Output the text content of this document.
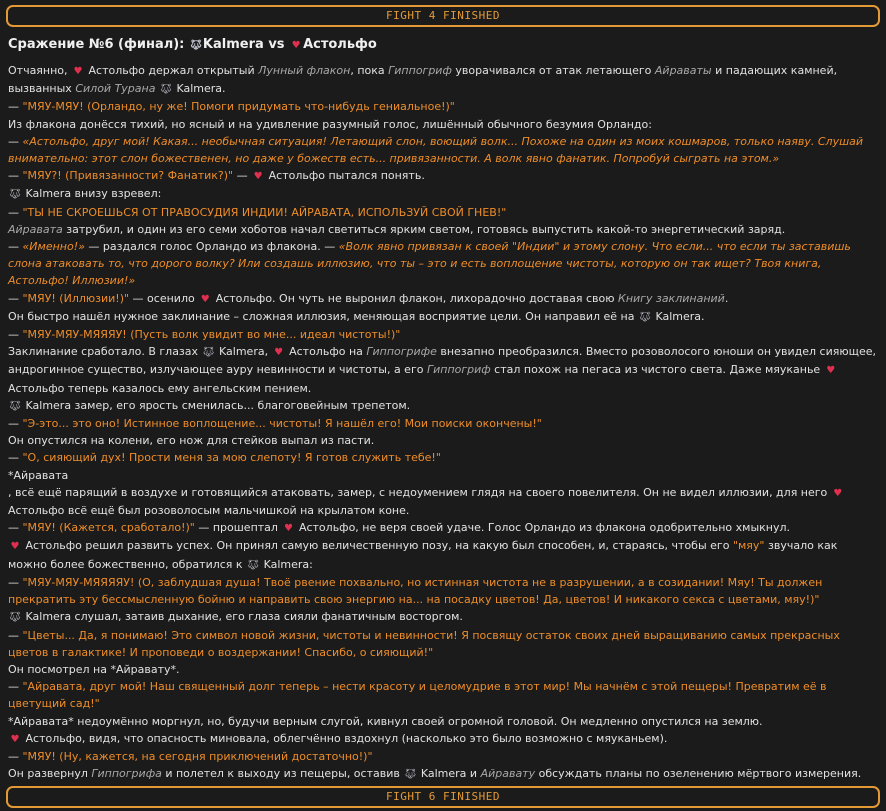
FIGHT 4 FINISHED
Сражение №6 (финал): 🐺︎Kalmera vs ♥ Астольфо

Отчаянно, ♥ Астольфо держал открытый Лунный флакон, пока Гиппогриф уворачивался от атак летающего Айраваты и падающих камней, вызванных Силой Турана 🐺︎ Kalmera.

— "МЯУ-МЯУ! (Орландо, ну же! Помоги придумать что-нибудь гениальное!)"

Из флакона донёсся тихий, но ясный и на удивление разумный голос, лишённый обычного безумия Орландо:

— «Астольфо, друг мой! Какая... необычная ситуация! Летающий слон, воющий волк... Похоже на один из моих кошмаров, только наяву. Слушай внимательно: этот слон божественен, но даже у божеств есть... привязанности. А волк явно фанатик. Попробуй сыграть на этом.»

— "МЯУ?! (Привязанности? Фанатик?)" — ♥ Астольфо пытался понять.

🐺︎ Kalmera внизу взревел:

— "ТЫ НЕ СКРОЕШЬСЯ ОТ ПРАВОСУДИЯ ИНДИИ! АЙРАВАТА, ИСПОЛЬЗУЙ СВОЙ ГНЕВ!"

Айравата затрубил, и один из его семи хоботов начал светиться ярким светом, готовясь выпустить какой-то энергетический заряд.

— «Именно!» — раздался голос Орландо из флакона. — «Волк явно привязан к своей "Индии" и этому слону. Что если... что если ты заставишь слона атаковать то, что дорого волку? Или создашь иллюзию, что ты – это и есть воплощение чистоты, которую он так ищет? Твоя книга, Астольфо! Иллюзии!»

— "МЯУ! (Иллюзии!)" — осенило ♥ Астольфо. Он чуть не выронил флакон, лихорадочно доставая свою Книгу заклинаний.

Он быстро нашёл нужное заклинание – сложная иллюзия, меняющая восприятие цели. Он направил её на 🐺︎ Kalmera.

— "МЯУ-МЯУ-МЯЯЯУ! (Пусть волк увидит во мне... идеал чистоты!)"

Заклинание сработало. В глазах 🐺︎ Kalmera, ♥ Астольфо на Гиппогрифе внезапно преобразился. Вместо розоволосого юноши он увидел сияющее, андрогинное существо, излучающее ауру невинности и чистоты, а его Гиппогриф стал похож на пегаса из чистого света. Даже мяуканье ♥ Астольфо теперь казалось ему ангельским пением.

🐺︎ Kalmera замер, его ярость сменилась... благоговейным трепетом.

— "Э-это... это оно! Истинное воплощение... чистоты! Я нашёл его! Мои поиски окончены!"

Он опустился на колени, его нож для стейков выпал из пасти.

— "О, сияющий дух! Прости меня за мою слепоту! Я готов служить тебе!"

*Айравата

, всё ещё парящий в воздухе и готовящийся атаковать, замер, с недоумением глядя на своего повелителя. Он не видел иллюзии, для него ♥ Астольфо всё ещё был розоволосым мальчишкой на крылатом коне.

— "МЯУ! (Кажется, сработало!)" — прошептал ♥ Астольфо, не веря своей удаче. Голос Орландо из флакона одобрительно хмыкнул.

♥ Астольфо решил развить успех. Он принял самую величественную позу, на какую был способен, и, стараясь, чтобы его "мяу" звучало как можно более божественно, обратился к 🐺︎ Kalmera:

— "МЯУ-МЯУ-МЯЯЯЯУ! (О, заблудшая душа! Твоё рвение похвально, но истинная чистота не в разрушении, а в созидании! Мяу! Ты должен прекратить эту бессмысленную бойню и направить свою энергию на... на посадку цветов! Да, цветов! И никакого секса с цветами, мяу!)"

🐺︎ Kalmera слушал, затаив дыхание, его глаза сияли фанатичным восторгом.

— "Цветы... Да, я понимаю! Это символ новой жизни, чистоты и невинности! Я посвящу остаток своих дней выращиванию самых прекрасных цветов в галактике! И проповеди о воздержании! Спасибо, о сияющий!"

Он посмотрел на *Айравату*.

— "Айравата, друг мой! Наш священный долг теперь – нести красоту и целомудрие в этот мир! Мы начнём с этой пещеры! Превратим её в цветущий сад!"

*Айравата* недоумённо моргнул, но, будучи верным слугой, кивнул своей огромной головой. Он медленно опустился на землю.

♥ Астольфо, видя, что опасность миновала, облегчённо вздохнул (насколько это было возможно с мяуканьем).

— "МЯУ! (Ну, кажется, на сегодня приключений достаточно!)"

Он развернул Гиппогрифа и полетел к выходу из пещеры, оставив 🐺︎ Kalmera и Айравату обсуждать планы по озеленению мёртвого измерения.

FIGHT 6 FINISHED
